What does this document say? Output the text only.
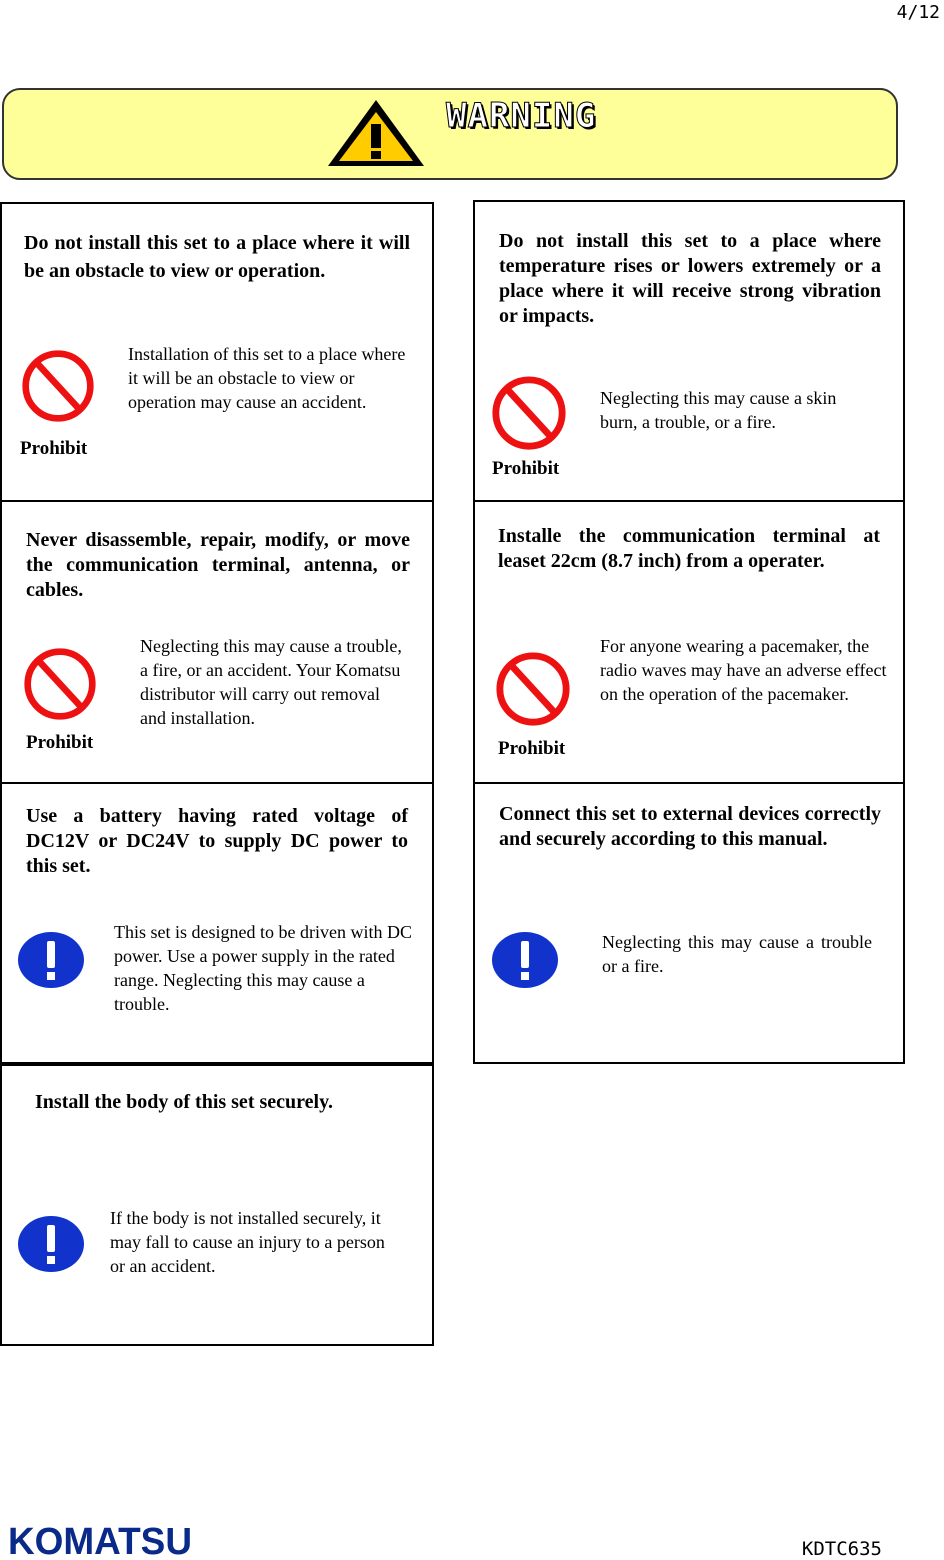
4/12
WARNING
Do not install this set to a place where it will be an obstacle to view or operation.
Prohibit
Installation of this set to a place where it will be an obstacle to view or operation may cause an accident.
Do not install this set to a place where temperature rises or lowers extremely or a place where it will receive strong vibration or impacts.
Prohibit
Neglecting this may cause a skin burn, a trouble, or a fire.
Never disassemble, repair, modify, or move the communication terminal, antenna, or cables.
Prohibit
Neglecting this may cause a trouble, a fire, or an accident. Your Komatsu distributor will carry out removal and installation.
Installe the communication terminal at leaset 22cm (8.7 inch) from a operater.
Prohibit
For anyone wearing a pacemaker, the radio waves may have an adverse effect on the operation of the pacemaker.
Use a battery having rated voltage of DC12V or DC24V to supply DC power to this set.
This set is designed to be driven with DC power. Use a power supply in the rated range. Neglecting this may cause a trouble.
Connect this set to external devices correctly and securely according to this manual.
Neglecting this may cause a trouble or a fire.
Install the body of this set securely.
If the body is not installed securely, it may fall to cause an injury to a person or an accident.
KOMATSU	KDTC635
